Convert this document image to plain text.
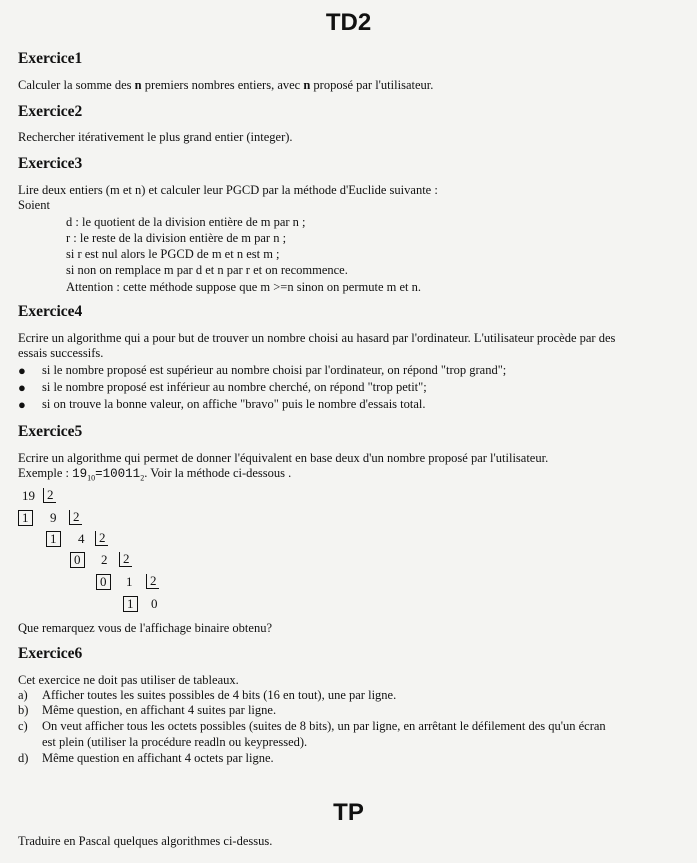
TD2
Exercice1
Calculer la somme des n premiers nombres entiers, avec n proposé par l'utilisateur.
Exercice2
Rechercher itérativement le plus grand entier (integer).
Exercice3
Lire deux entiers (m et n) et calculer leur PGCD par la méthode d'Euclide suivante :
Soient
d : le quotient de la division entière de m par n ;
r : le reste de la division entière de m par n ;
si r est nul alors le PGCD de m et n est m ;
si non on remplace m par d et n par r et on recommence.
Attention : cette méthode suppose que m >=n sinon on permute m et n.
Exercice4
Ecrire un algorithme qui a pour but de trouver un nombre choisi au hasard par l'ordinateur. L'utilisateur procède par des
essais successifs.
● si le nombre proposé est supérieur au nombre choisi par l'ordinateur, on répond "trop grand";
● si le nombre proposé est inférieur au nombre cherché, on répond "trop petit";
● si on trouve la bonne valeur, on affiche "bravo" puis le nombre d'essais total.
Exercice5
Ecrire un algorithme qui permet de donner l'équivalent en base deux d'un nombre proposé par l'utilisateur.
Exemple : $19_{10}=10011_2$. Voir la méthode ci-dessous .
19 2
1	9	2
1	4	2
0	2	2
0	1	2
1	0
Que remarquez vous de l'affichage binaire obtenu?
Exercice6
Cet exercice ne doit pas utiliser de tableaux.
a) Afficher toutes les suites possibles de 4 bits (16 en tout), une par ligne.
b) Même question, en affichant 4 suites par ligne.
c) On veut afficher tous les octets possibles (suites de 8 bits), un par ligne, en arrêtant le défilement des qu'un écran
est plein (utiliser la procédure readln ou keypressed).
d) Même question en affichant 4 octets par ligne.
TP
Traduire en Pascal quelques algorithmes ci-dessus.
